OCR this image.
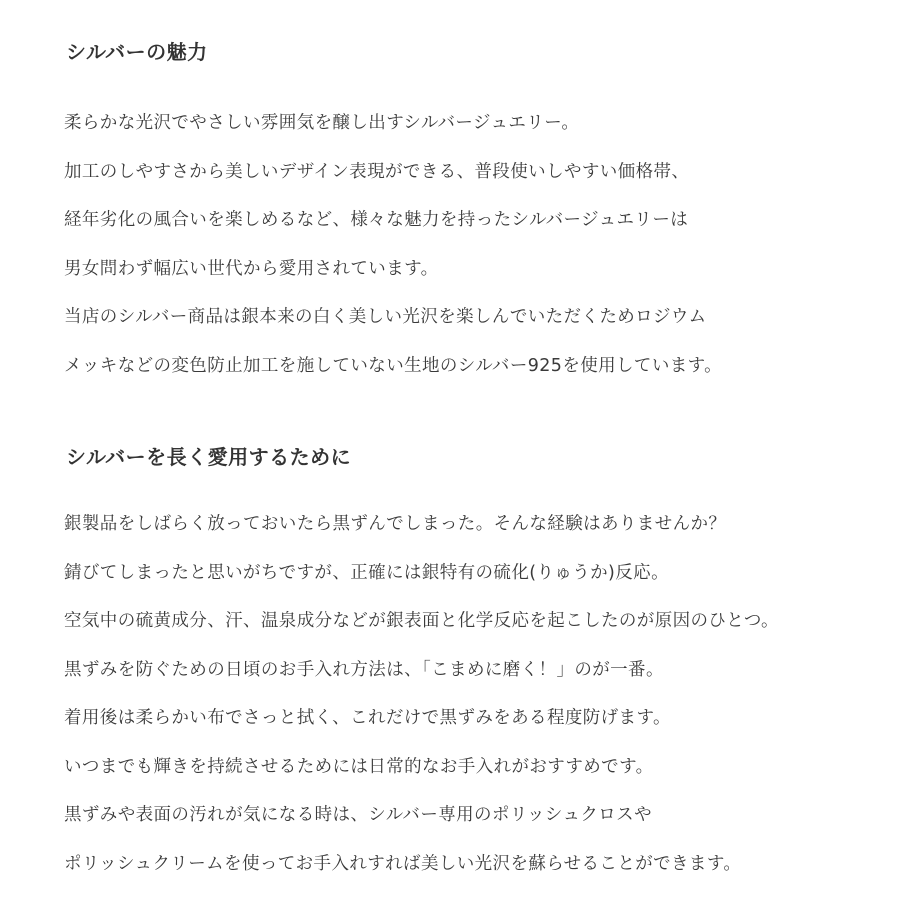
シルバーの魅力
柔らかな光沢でやさしい雰囲気を醸し出すシルバージュエリー。
加工のしやすさから美しいデザイン表現ができる、普段使いしやすい価格帯、
経年劣化の風合いを楽しめるなど、様々な魅力を持ったシルバージュエリーは
男女問わず幅広い世代から愛用されています。
当店のシルバー商品は銀本来の白く美しい光沢を楽しんでいただくためロジウム
メッキなどの変色防止加工を施していない生地のシルバー925を使用しています。
シルバーを長く愛用するために
銀製品をしばらく放っておいたら黒ずんでしまった。そんな経験はありませんか？
錆びてしまったと思いがちですが、正確には銀特有の硫化(りゅうか)反応。
空気中の硫黄成分、汗、温泉成分などが銀表面と化学反応を起こしたのが原因のひとつ。
黒ずみを防ぐための日頃のお手入れ方法は、「こまめに磨く！」のが一番。
着用後は柔らかい布でさっと拭く、これだけで黒ずみをある程度防げます。
いつまでも輝きを持続させるためには日常的なお手入れがおすすめです。
黒ずみや表面の汚れが気になる時は、シルバー専用のポリッシュクロスや
ポリッシュクリームを使ってお手入れすれば美しい光沢を蘇らせることができます。
